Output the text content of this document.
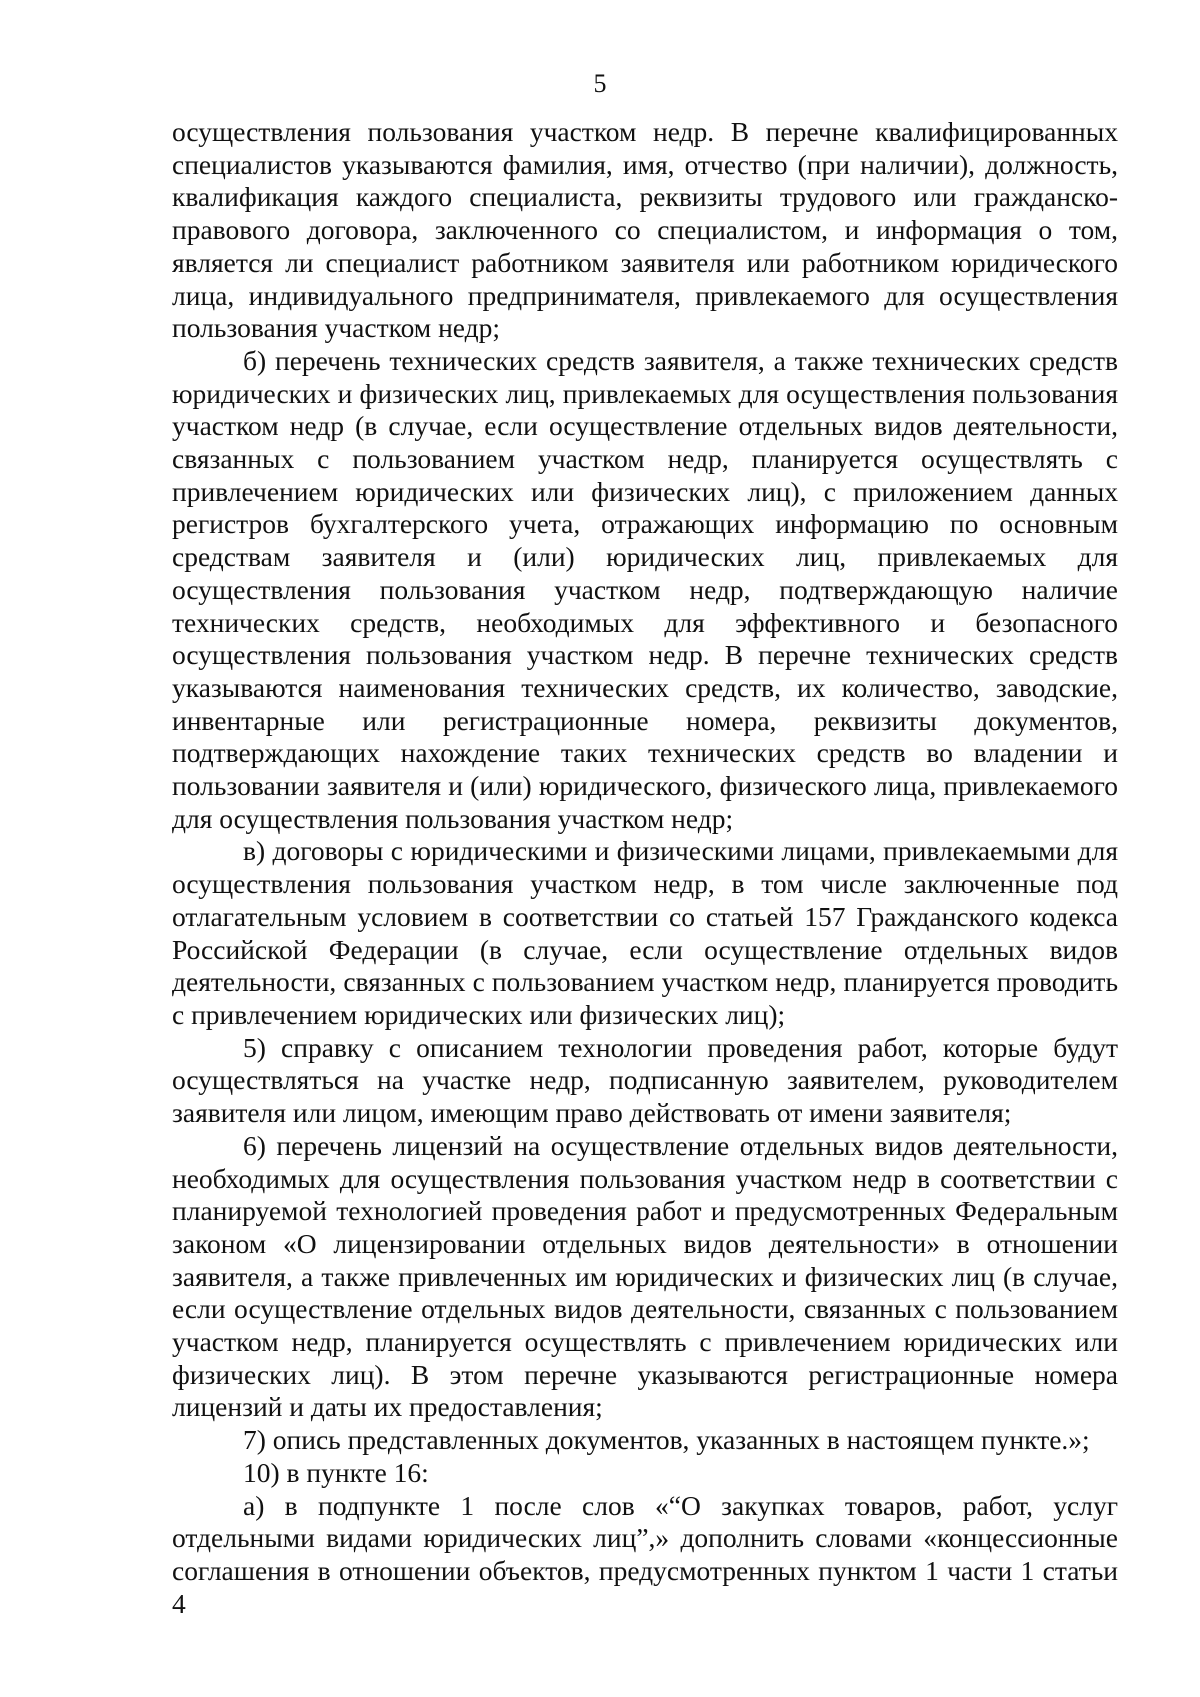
5

осуществления пользования участком недр. В перечне квалифицированных специалистов указываются фамилия, имя, отчество (при наличии), должность, квалификация каждого специалиста, реквизиты трудового или гражданско-правового договора, заключенного со специалистом, и информация о том, является ли специалист работником заявителя или работником юридического лица, индивидуального предпринимателя, привлекаемого для осуществления пользования участком недр;

б) перечень технических средств заявителя, а также технических средств юридических и физических лиц, привлекаемых для осуществления пользования участком недр (в случае, если осуществление отдельных видов деятельности, связанных с пользованием участком недр, планируется осуществлять с привлечением юридических или физических лиц), с приложением данных регистров бухгалтерского учета, отражающих информацию по основным средствам заявителя и (или) юридических лиц, привлекаемых для осуществления пользования участком недр, подтверждающую наличие технических средств, необходимых для эффективного и безопасного осуществления пользования участком недр. В перечне технических средств указываются наименования технических средств, их количество, заводские, инвентарные или регистрационные номера, реквизиты документов, подтверждающих нахождение таких технических средств во владении и пользовании заявителя и (или) юридического, физического лица, привлекаемого для осуществления пользования участком недр;

в) договоры с юридическими и физическими лицами, привлекаемыми для осуществления пользования участком недр, в том числе заключенные под отлагательным условием в соответствии со статьей 157 Гражданского кодекса Российской Федерации (в случае, если осуществление отдельных видов деятельности, связанных с пользованием участком недр, планируется проводить с привлечением юридических или физических лиц);

5) справку с описанием технологии проведения работ, которые будут осуществляться на участке недр, подписанную заявителем, руководителем заявителя или лицом, имеющим право действовать от имени заявителя;

6) перечень лицензий на осуществление отдельных видов деятельности, необходимых для осуществления пользования участком недр в соответствии с планируемой технологией проведения работ и предусмотренных Федеральным законом «О лицензировании отдельных видов деятельности» в отношении заявителя, а также привлеченных им юридических и физических лиц (в случае, если осуществление отдельных видов деятельности, связанных с пользованием участком недр, планируется осуществлять с привлечением юридических или физических лиц). В этом перечне указываются регистрационные номера лицензий и даты их предоставления;

7) опись представленных документов, указанных в настоящем пункте.»;

10) в пункте 16:

а) в подпункте 1 после слов «“О закупках товаров, работ, услуг отдельными видами юридических лиц”,» дополнить словами «концессионные соглашения в отношении объектов, предусмотренных пунктом 1 части 1 статьи 4
